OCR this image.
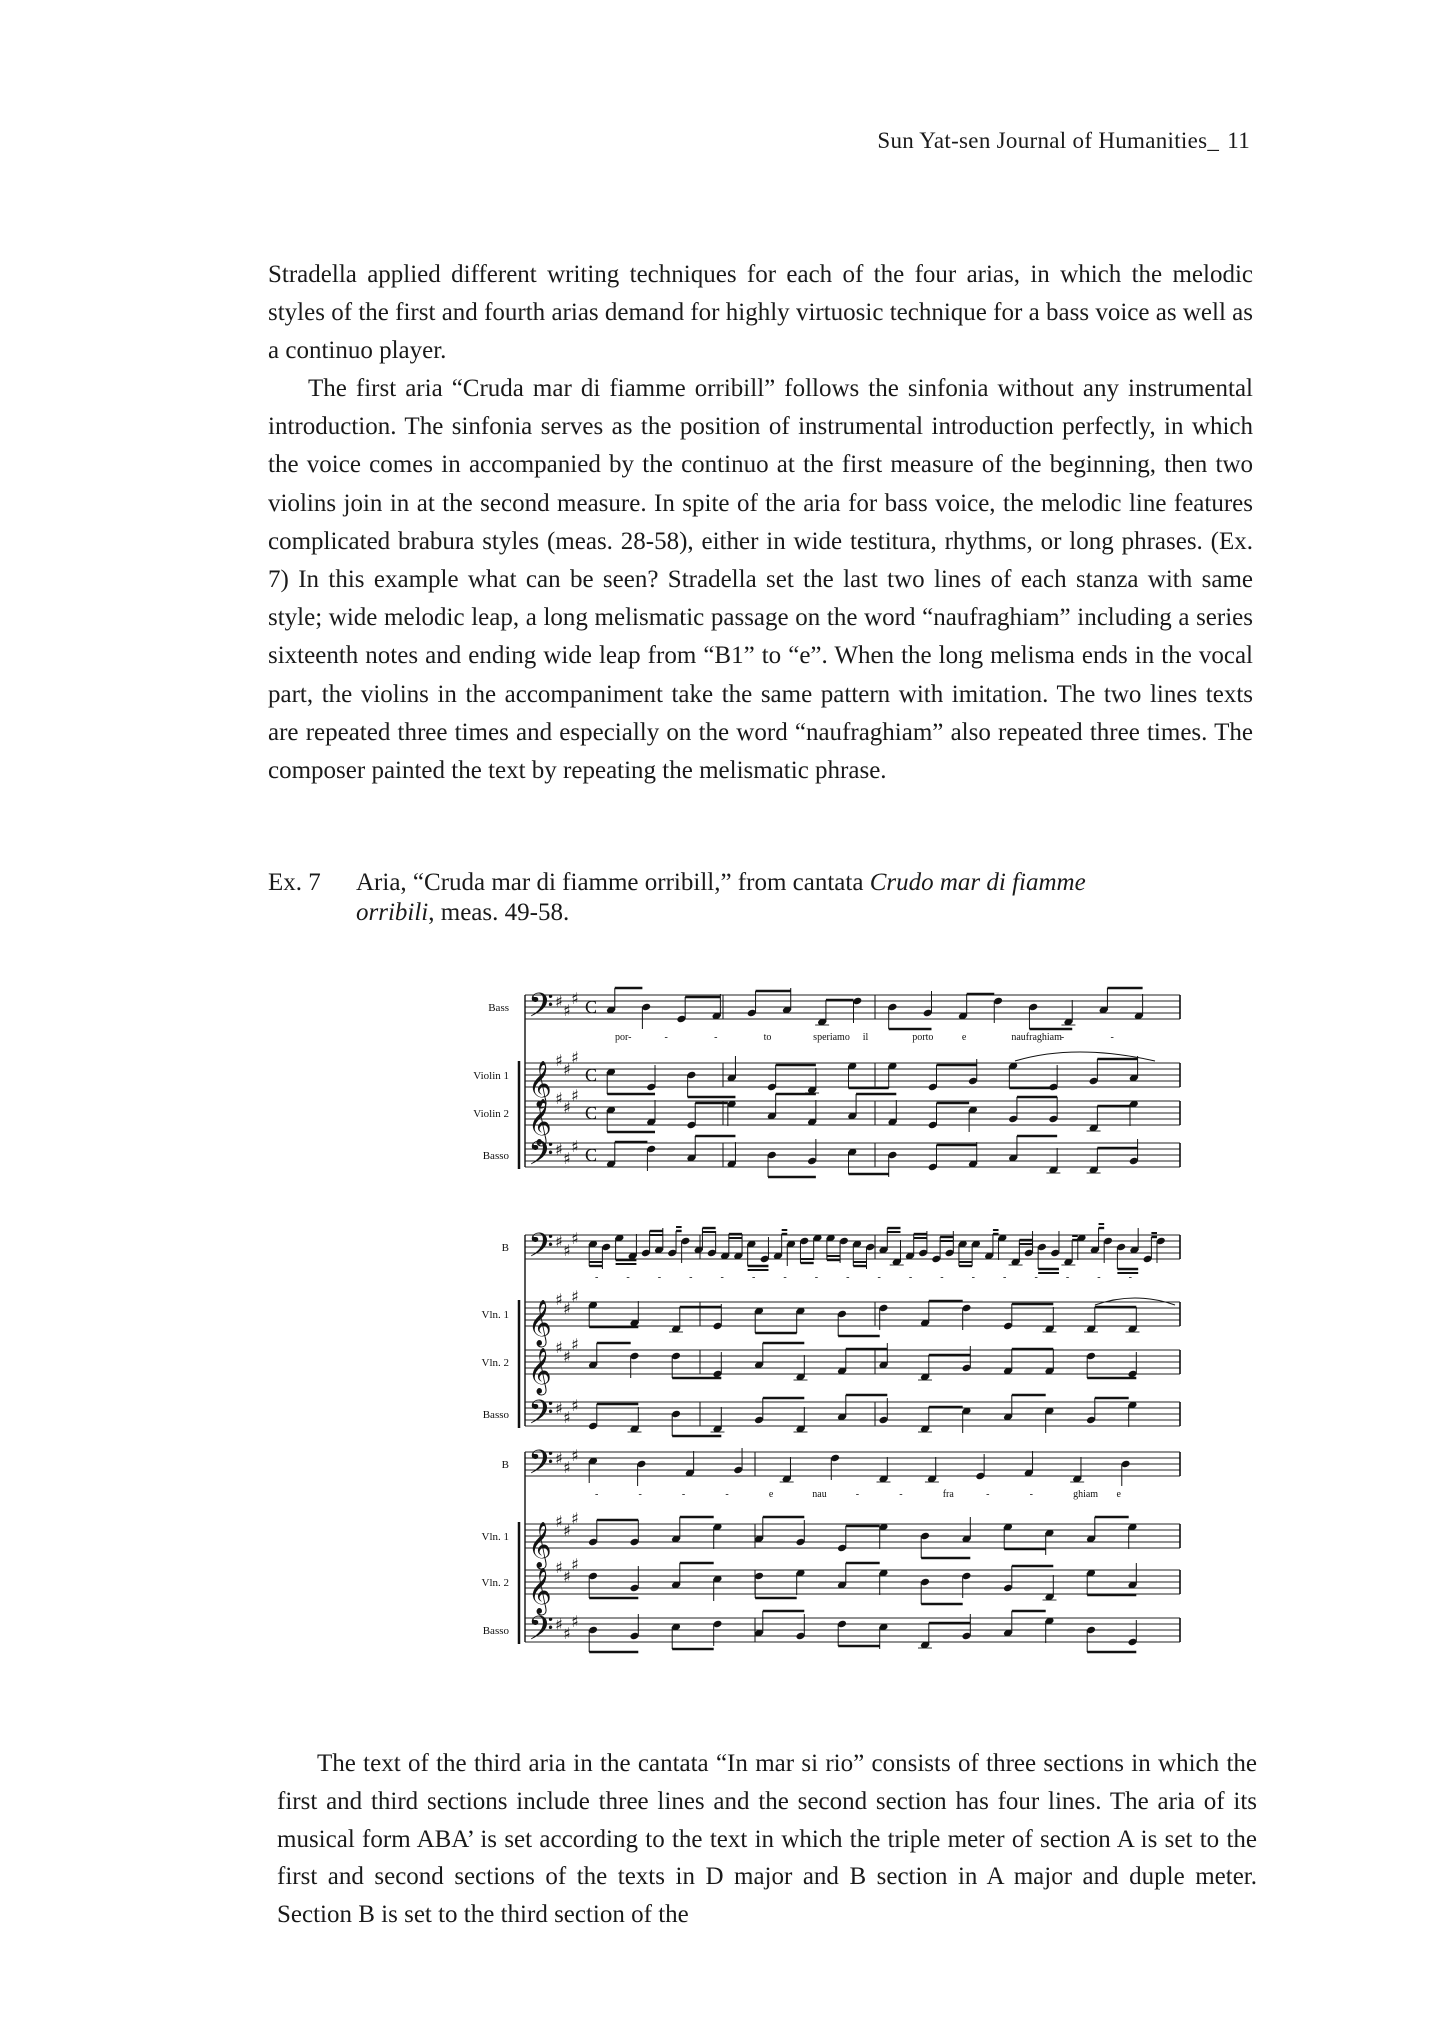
Sun Yat-sen Journal of Humanities_ 11

Stradella applied different writing techniques for each of the four arias, in which the melodic styles of the first and fourth arias demand for highly virtuosic technique for a bass voice as well as a continuo player.

The first aria “Cruda mar di fiamme orribill” follows the sinfonia without any instrumental introduction. The sinfonia serves as the position of instrumental introduction perfectly, in which the voice comes in accompanied by the continuo at the first measure of the beginning, then two violins join in at the second measure. In spite of the aria for bass voice, the melodic line features complicated brabura styles (meas. 28-58), either in wide testitura, rhythms, or long phrases. (Ex. 7) In this example what can be seen? Stradella set the last two lines of each stanza with same style; wide melodic leap, a long melismatic passage on the word “naufraghiam” including a series sixteenth notes and ending wide leap from “B1” to “e”. When the long melisma ends in the vocal part, the violins in the accompaniment take the same pattern with imitation. The two lines texts are repeated three times and especially on the word “naufraghiam” also repeated three times. The composer painted the text by repeating the melismatic phrase.

Ex. 7 Aria, “Cruda mar di fiamme orribill,” from cantata Crudo mar di fiamme
orribili, meas. 49-58.
Bass 𝄢 ♯ ♯
♯ C
Violin 1 𝄞
♯ ♯
♯
C
Violin 2 𝄞
♯ ♯
♯
C
Basso 𝄢 ♯ ♯
♯ C
por-	-	-	to	speriamo il	porto	e	naufraghiam
-	-
B 𝄢 ♯ ♯
♯
Vln. 1 𝄞
♯ ♯
♯
Vln. 2 𝄞
♯ ♯
♯
Basso 𝄢 ♯ ♯
♯
-	-	-	-	-	-	-	-	-	-	-	-	-	-	-	-	-	-
B 𝄢 ♯ ♯
♯
Vln. 1 𝄞
♯ ♯
♯
Vln. 2 𝄞
♯ ♯
♯
Basso 𝄢 ♯ ♯
♯
-	-	-	-	e	nau	-	-	fra	-	-	ghiam e

The text of the third aria in the cantata “In mar si rio” consists of three sections in which the first and third sections include three lines and the second section has four lines. The aria of its musical form ABA’ is set according to the text in which the triple meter of section A is set to the first and second sections of the texts in D major and B section in A major and duple meter. Section B is set to the third section of the
